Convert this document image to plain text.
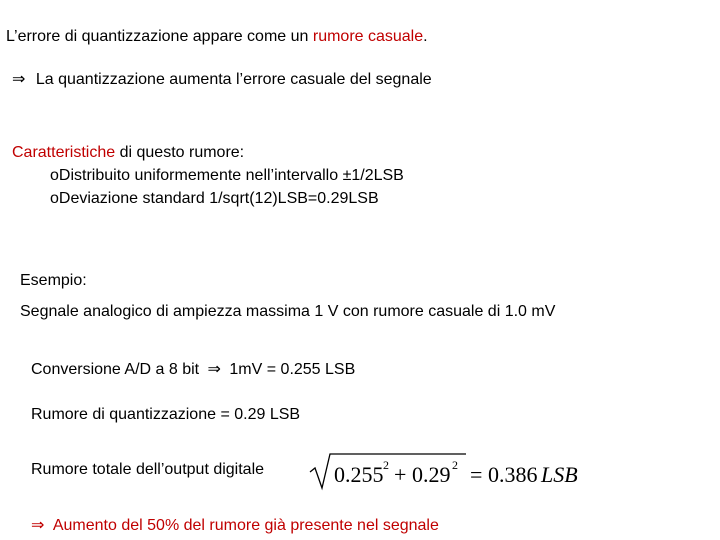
L’errore di quantizzazione appare come un rumore casuale.
⇒ La quantizzazione aumenta l’errore casuale del segnale
Caratteristiche di questo rumore:
oDistribuito uniformemente nell’intervallo ±1/2LSB
oDeviazione standard 1/sqrt(12)LSB=0.29LSB
Esempio:
Segnale analogico di ampiezza massima 1 V con rumore casuale di 1.0 mV
Conversione A/D a 8 bit ⇒ 1mV = 0.255 LSB
Rumore di quantizzazione = 0.29 LSB
Rumore totale dell’output digitale	0.255 2 + 0.29 2 = 0.386 LSB
⇒ Aumento del 50% del rumore già presente nel segnale
